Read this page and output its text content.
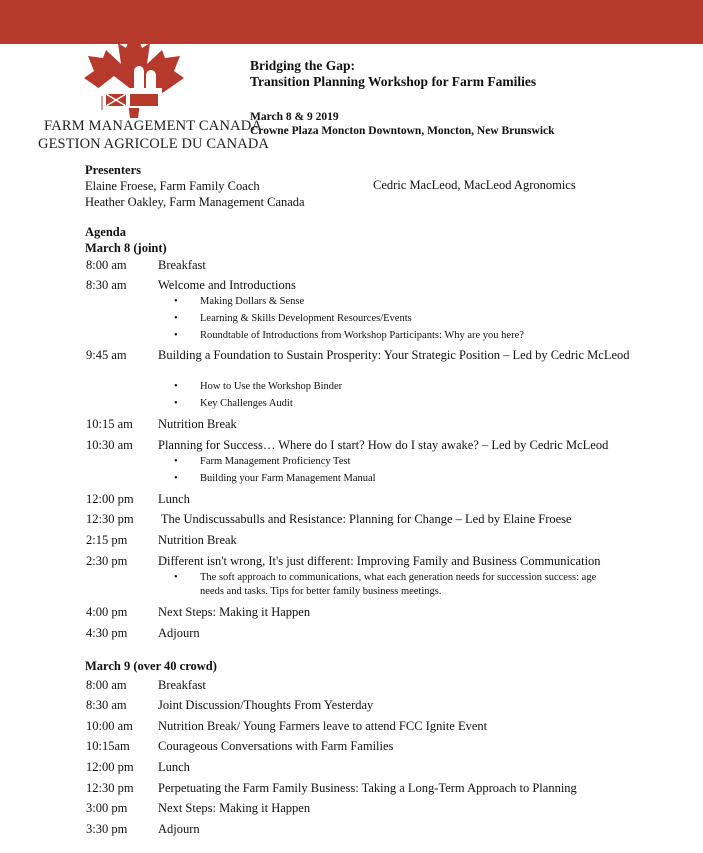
FARM MANAGEMENT CANADA
GESTION AGRICOLE DU CANADA
Bridging the Gap:
Transition Planning Workshop for Farm Families
March 8 & 9 2019
Crowne Plaza Moncton Downtown, Moncton, New Brunswick
Presenters
Elaine Froese, Farm Family Coach
Heather Oakley, Farm Management Canada
Cedric MacLeod, MacLeod Agronomics
Agenda
March 8 (joint)
8:00 am	Breakfast
8:30 am	Welcome and Introductions
Making Dollars & Sense
Learning & Skills Development Resources/Events
Roundtable of Introductions from Workshop Participants: Why are you here?
9:45 am	Building a Foundation to Sustain Prosperity: Your Strategic Position – Led by Cedric McLeod
How to Use the Workshop Binder
Key Challenges Audit
10:15 am	Nutrition Break
10:30 am	Planning for Success… Where do I start? How do I stay awake? – Led by Cedric McLeod
Farm Management Proficiency Test
Building your Farm Management Manual
12:00 pm	Lunch
12:30 pm	The Undiscussabulls and Resistance: Planning for Change – Led by Elaine Froese
2:15 pm	Nutrition Break
2:30 pm	Different isn't wrong, It's just different: Improving Family and Business Communication
The soft approach to communications, what each generation needs for succession success: age needs and tasks. Tips for better family business meetings.
4:00 pm	Next Steps: Making it Happen
4:30 pm	Adjourn
March 9 (over 40 crowd)
8:00 am	Breakfast
8:30 am	Joint Discussion/Thoughts From Yesterday
10:00 am	Nutrition Break/ Young Farmers leave to attend FCC Ignite Event
10:15am	Courageous Conversations with Farm Families
12:00 pm	Lunch
12:30 pm	Perpetuating the Farm Family Business: Taking a Long-Term Approach to Planning
3:00 pm	Next Steps: Making it Happen
3:30 pm	Adjourn
